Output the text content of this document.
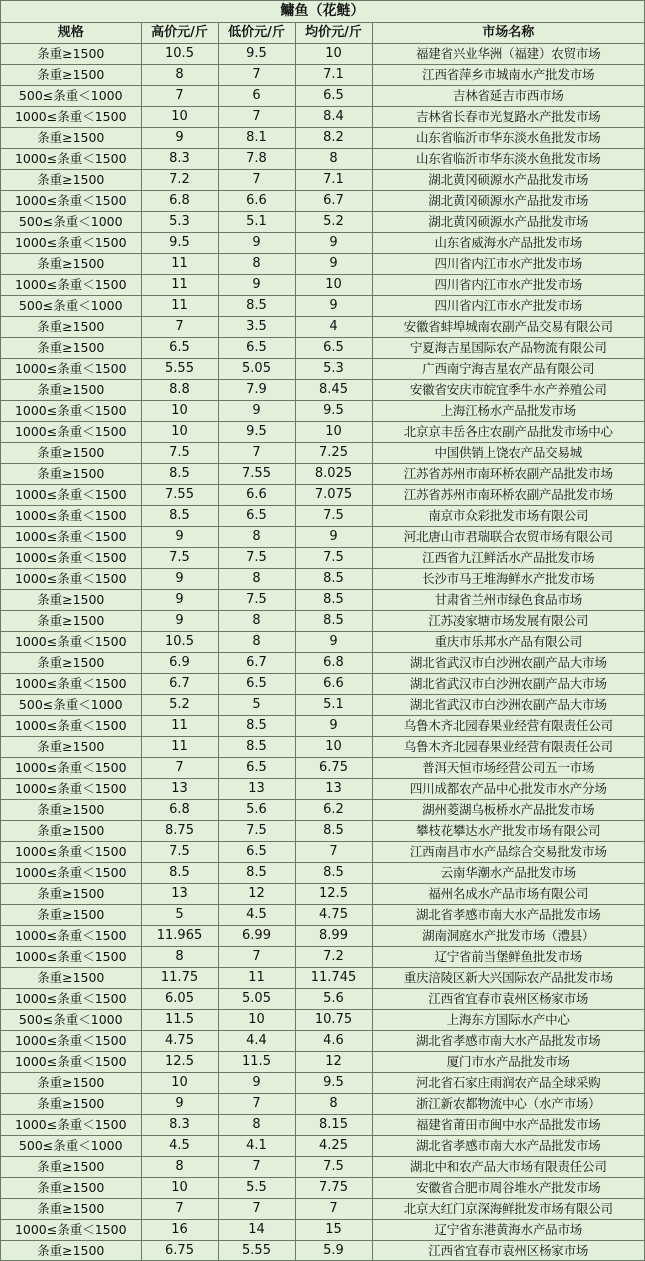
鳙鱼（花鲢）
规格	高价元/斤	低价元/斤	均价元/斤	市场名称
条重≥1500	10.5	9.5	10	福建省兴业华洲（福建）农贸市场
条重≥1500	8	7	7.1	江西省萍乡市城南水产批发市场
500≤条重＜1000	7	6	6.5	吉林省延吉市西市场
1000≤条重＜1500	10	7	8.4	吉林省长春市光复路水产批发市场
条重≥1500	9	8.1	8.2	山东省临沂市华东淡水鱼批发市场
1000≤条重＜1500	8.3	7.8	8	山东省临沂市华东淡水鱼批发市场
条重≥1500	7.2	7	7.1	湖北黄冈硕源水产品批发市场
1000≤条重＜1500	6.8	6.6	6.7	湖北黄冈硕源水产品批发市场
500≤条重＜1000	5.3	5.1	5.2	湖北黄冈硕源水产品批发市场
1000≤条重＜1500	9.5	9	9	山东省威海水产品批发市场
条重≥1500	11	8	9	四川省内江市水产批发市场
1000≤条重＜1500	11	9	10	四川省内江市水产批发市场
500≤条重＜1000	11	8.5	9	四川省内江市水产批发市场
条重≥1500	7	3.5	4	安徽省蚌埠城南农副产品交易有限公司
条重≥1500	6.5	6.5	6.5	宁夏海吉星国际农产品物流有限公司
1000≤条重＜1500	5.55	5.05	5.3	广西南宁海吉星农产品有限公司
条重≥1500	8.8	7.9	8.45	安徽省安庆市皖宜季牛水产养殖公司
1000≤条重＜1500	10	9	9.5	上海江杨水产品批发市场
1000≤条重＜1500	10	9.5	10	北京京丰岳各庄农副产品批发市场中心
条重≥1500	7.5	7	7.25	中国供销上饶农产品交易城
条重≥1500	8.5	7.55	8.025	江苏省苏州市南环桥农副产品批发市场
1000≤条重＜1500	7.55	6.6	7.075	江苏省苏州市南环桥农副产品批发市场
1000≤条重＜1500	8.5	6.5	7.5	南京市众彩批发市场有限公司
1000≤条重＜1500	9	8	9	河北唐山市君瑞联合农贸市场有限公司
1000≤条重＜1500	7.5	7.5	7.5	江西省九江鲜活水产品批发市场
1000≤条重＜1500	9	8	8.5	长沙市马王堆海鲜水产批发市场
条重≥1500	9	7.5	8.5	甘肃省兰州市绿色食品市场
条重≥1500	9	8	8.5	江苏凌家塘市场发展有限公司
1000≤条重＜1500	10.5	8	9	重庆市乐邦水产品有限公司
条重≥1500	6.9	6.7	6.8	湖北省武汉市白沙洲农副产品大市场
1000≤条重＜1500	6.7	6.5	6.6	湖北省武汉市白沙洲农副产品大市场
500≤条重＜1000	5.2	5	5.1	湖北省武汉市白沙洲农副产品大市场
1000≤条重＜1500	11	8.5	9	乌鲁木齐北园春果业经营有限责任公司
条重≥1500	11	8.5	10	乌鲁木齐北园春果业经营有限责任公司
1000≤条重＜1500	7	6.5	6.75	普洱天恒市场经营公司五一市场
1000≤条重＜1500	13	13	13	四川成都农产品中心批发市水产分场
条重≥1500	6.8	5.6	6.2	湖州菱湖乌板桥水产品批发市场
条重≥1500	8.75	7.5	8.5	攀枝花攀达水产批发市场有限公司
1000≤条重＜1500	7.5	6.5	7	江西南昌市水产品综合交易批发市场
1000≤条重＜1500	8.5	8.5	8.5	云南华潮水产品批发市场
条重≥1500	13	12	12.5	福州名成水产品市场有限公司
条重≥1500	5	4.5	4.75	湖北省孝感市南大水产品批发市场
1000≤条重＜1500	11.965	6.99	8.99	湖南洞庭水产批发市场（澧县）
1000≤条重＜1500	8	7	7.2	辽宁省前当堡鲜鱼批发市场
条重≥1500	11.75	11	11.745	重庆涪陵区新大兴国际农产品批发市场
1000≤条重＜1500	6.05	5.05	5.6	江西省宜春市袁州区杨家市场
500≤条重＜1000	11.5	10	10.75	上海东方国际水产中心
1000≤条重＜1500	4.75	4.4	4.6	湖北省孝感市南大水产品批发市场
1000≤条重＜1500	12.5	11.5	12	厦门市水产品批发市场
条重≥1500	10	9	9.5	河北省石家庄雨润农产品全球采购
条重≥1500	9	7	8	浙江新农都物流中心（水产市场）
1000≤条重＜1500	8.3	8	8.15	福建省莆田市闽中水产品批发市场
500≤条重＜1000	4.5	4.1	4.25	湖北省孝感市南大水产品批发市场
条重≥1500	8	7	7.5	湖北中和农产品大市场有限责任公司
条重≥1500	10	5.5	7.75	安徽省合肥市周谷堆水产批发市场
条重≥1500	7	7	7	北京大红门京深海鲜批发市场有限公司
1000≤条重＜1500	16	14	15	辽宁省东港黄海水产品市场
条重≥1500	6.75	5.55	5.9	江西省宜春市袁州区杨家市场
